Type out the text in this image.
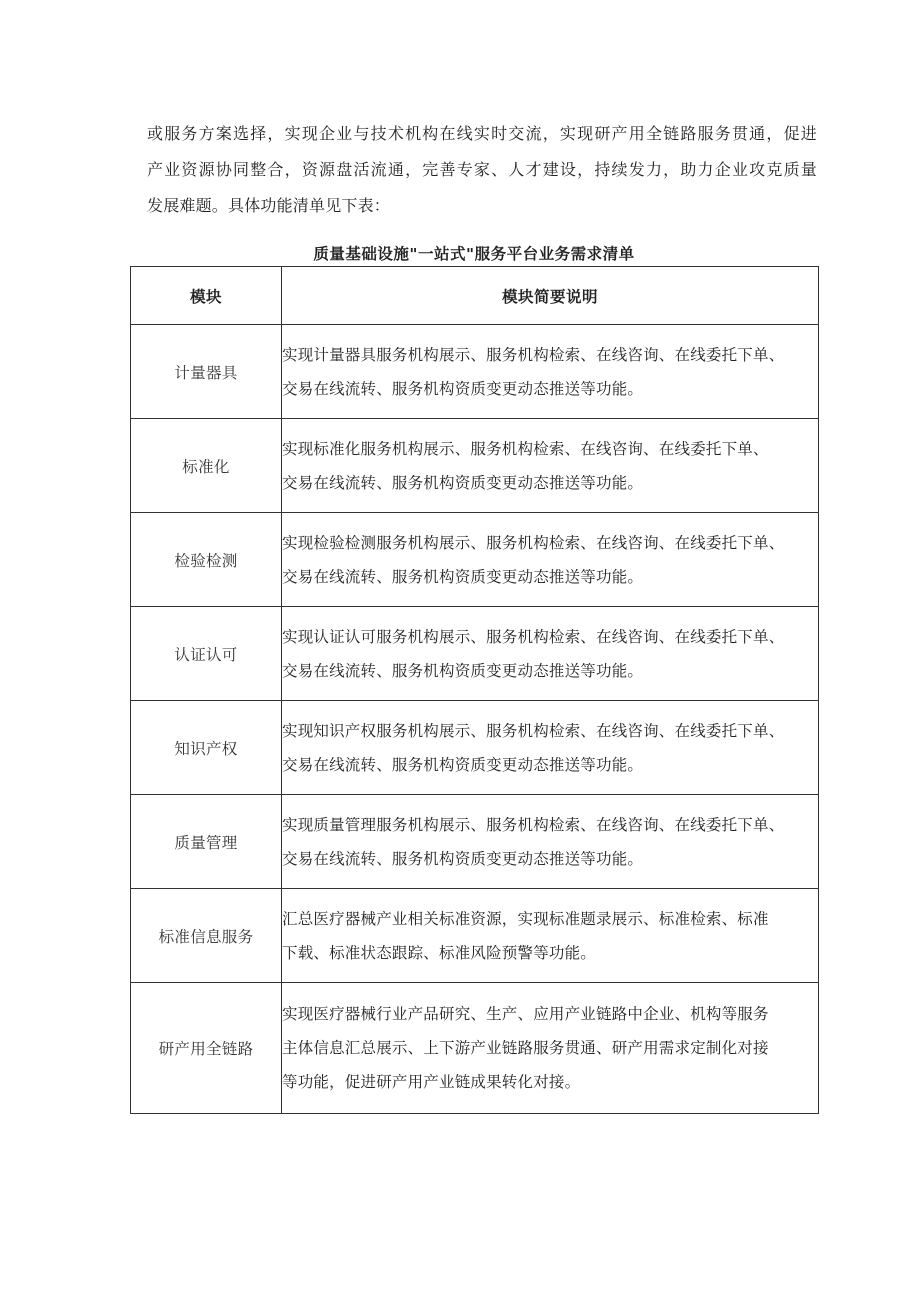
或服务方案选择，实现企业与技术机构在线实时交流，实现研产用全链路服务贯通，促进
产业资源协同整合，资源盘活流通，完善专家、人才建设，持续发力，助力企业攻克质量
发展难题。具体功能清单见下表：
质量基础设施"一站式"服务平台业务需求清单
模块	模块简要说明
计量器具	实现计量器具服务机构展示、服务机构检索、在线咨询、在线委托下单、
交易在线流转、服务机构资质变更动态推送等功能。

标准化	实现标准化服务机构展示、服务机构检索、在线咨询、在线委托下单、
交易在线流转、服务机构资质变更动态推送等功能。

检验检测	实现检验检测服务机构展示、服务机构检索、在线咨询、在线委托下单、
交易在线流转、服务机构资质变更动态推送等功能。

认证认可	实现认证认可服务机构展示、服务机构检索、在线咨询、在线委托下单、
交易在线流转、服务机构资质变更动态推送等功能。

知识产权	实现知识产权服务机构展示、服务机构检索、在线咨询、在线委托下单、
交易在线流转、服务机构资质变更动态推送等功能。

质量管理	实现质量管理服务机构展示、服务机构检索、在线咨询、在线委托下单、
交易在线流转、服务机构资质变更动态推送等功能。

标准信息服务	汇总医疗器械产业相关标准资源，实现标准题录展示、标准检索、标准
下载、标准状态跟踪、标准风险预警等功能。

研产用全链路	实现医疗器械行业产品研究、生产、应用产业链路中企业、机构等服务
主体信息汇总展示、上下游产业链路服务贯通、研产用需求定制化对接
等功能，促进研产用产业链成果转化对接。
